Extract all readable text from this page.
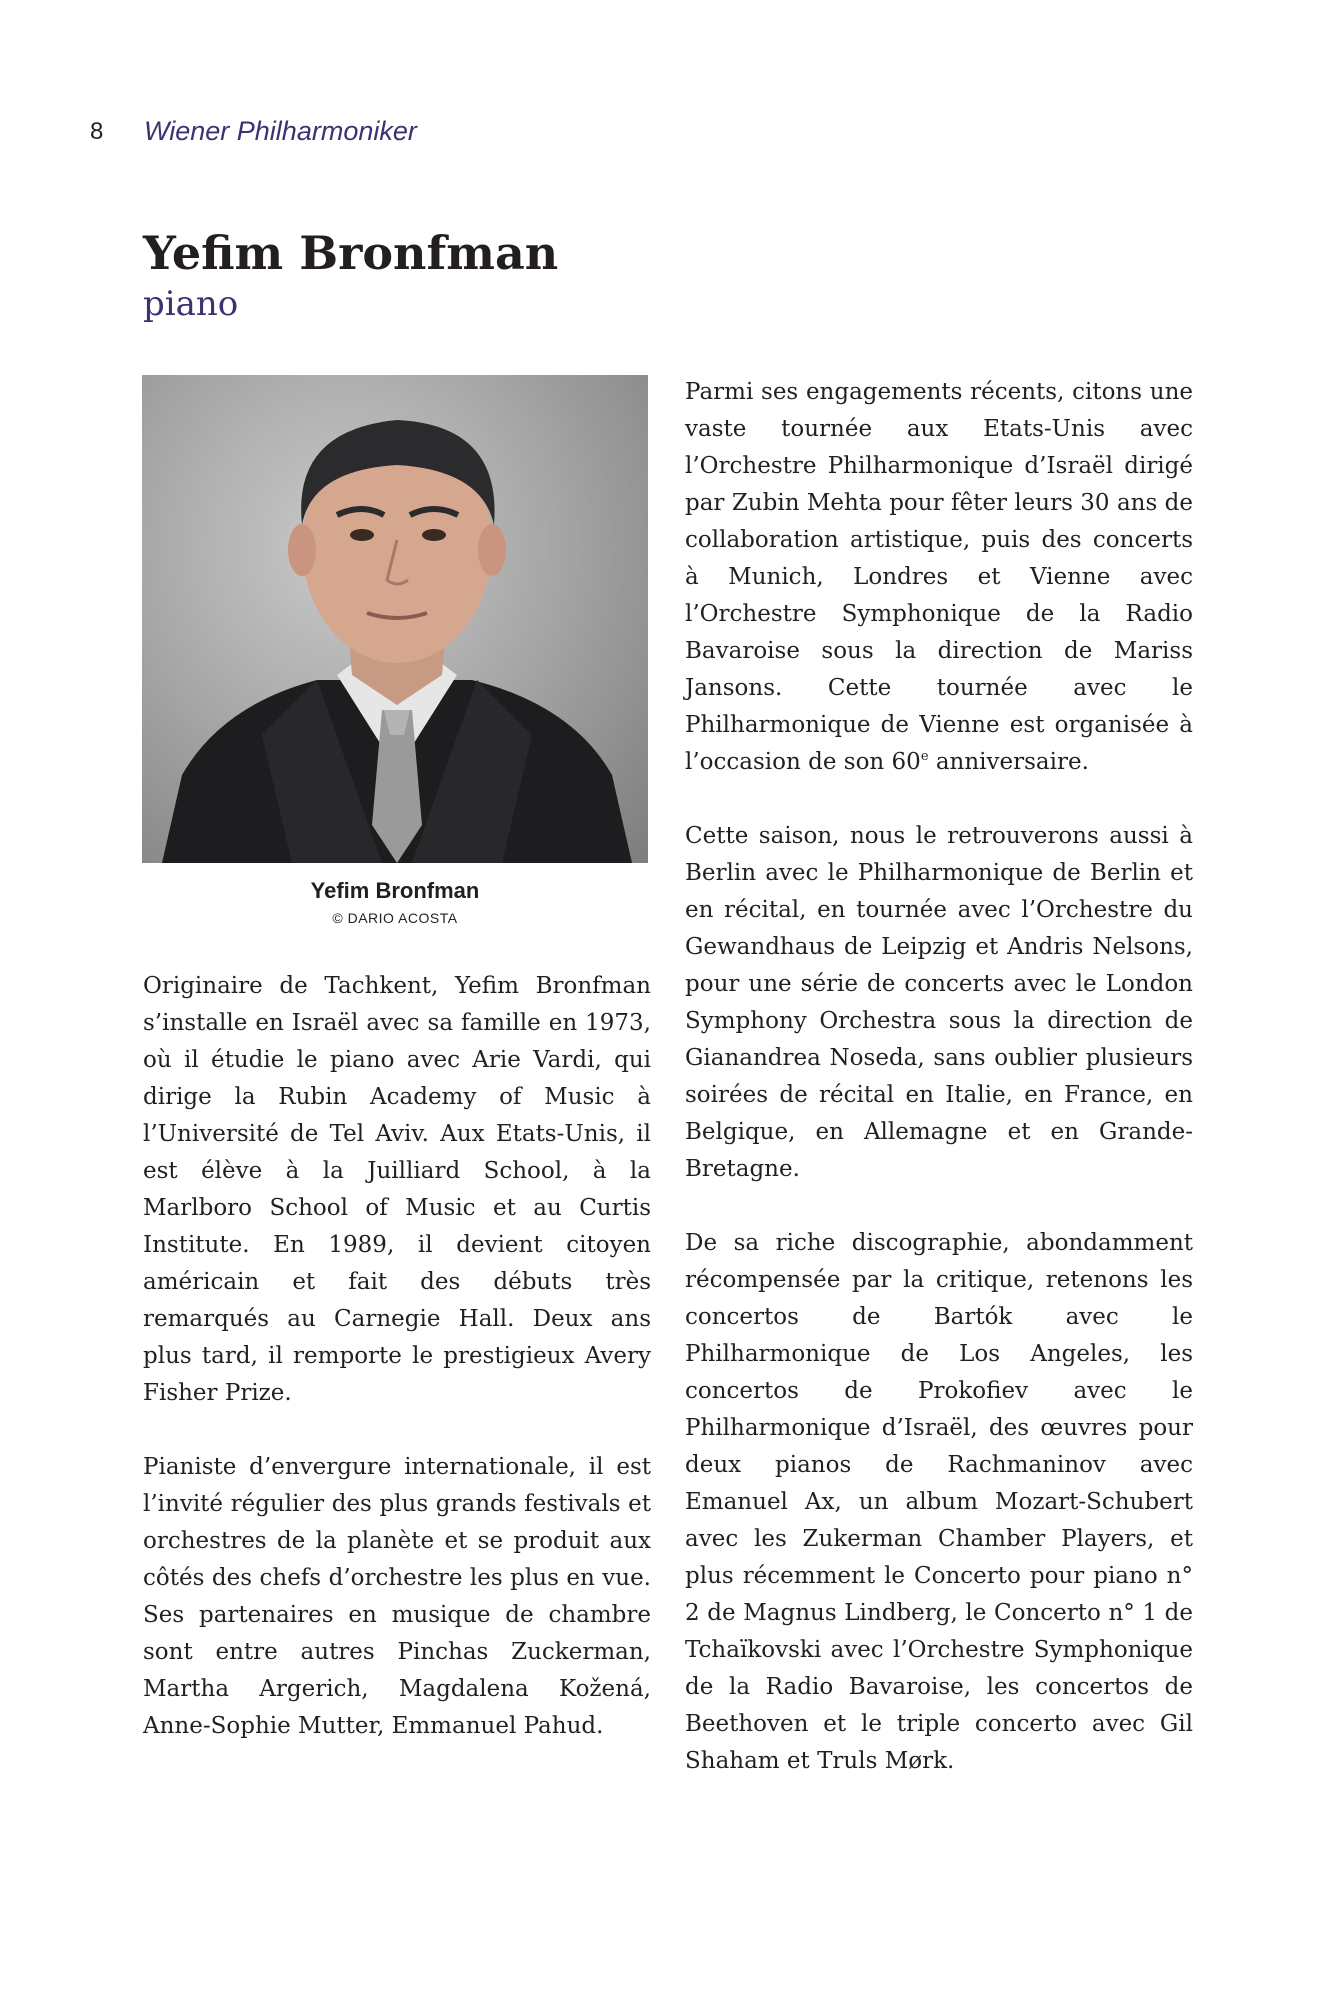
8 Wiener Philharmoniker
Yefim Bronfman
piano
Yefim Bronfman
© DARIO ACOSTA

Originaire de Tachkent, Yefim Bronfman s’installe en Israël avec sa famille en 1973, où il étudie le piano avec Arie Vardi, qui dirige la Rubin Academy of Music à l’Université de Tel Aviv. Aux Etats-Unis, il est élève à la Juilliard School, à la Marlboro School of Music et au Curtis Institute. En 1989, il devient citoyen américain et fait des débuts très remarqués au Carnegie Hall. Deux ans plus tard, il remporte le prestigieux Avery Fisher Prize.

Pianiste d’envergure internationale, il est l’invité régulier des plus grands festivals et orchestres de la planète et se produit aux côtés des chefs d’orchestre les plus en vue. Ses partenaires en musique de chambre sont entre autres Pinchas Zuckerman, Martha Argerich, Magdalena Kožená, Anne-Sophie Mutter, Emmanuel Pahud.

Parmi ses engagements récents, citons une vaste tournée aux Etats-Unis avec l’Orchestre Philharmonique d’Israël dirigé par Zubin Mehta pour fêter leurs 30 ans de collaboration artistique, puis des concerts à Munich, Londres et Vienne avec l’Orchestre Symphonique de la Radio Bavaroise sous la direction de Mariss Jansons. Cette tournée avec le Philharmonique de Vienne est organisée à l’occasion de son 60e anniversaire.

Cette saison, nous le retrouverons aussi à Berlin avec le Philharmonique de Berlin et en récital, en tournée avec l’Orchestre du Gewandhaus de Leipzig et Andris Nelsons, pour une série de concerts avec le London Symphony Orchestra sous la direction de Gianandrea Noseda, sans oublier plusieurs soirées de récital en Italie, en France, en Belgique, en Allemagne et en Grande-Bretagne.

De sa riche discographie, abondamment récompensée par la critique, retenons les concertos de Bartók avec le Philharmonique de Los Angeles, les concertos de Prokofiev avec le Philharmonique d’Israël, des œuvres pour deux pianos de Rachmaninov avec Emanuel Ax, un album Mozart-Schubert avec les Zukerman Chamber Players, et plus récemment le Concerto pour piano n° 2 de Magnus Lindberg, le Concerto n° 1 de Tchaïkovski avec l’Orchestre Symphonique de la Radio Bavaroise, les concertos de Beethoven et le triple concerto avec Gil Shaham et Truls Mørk.
